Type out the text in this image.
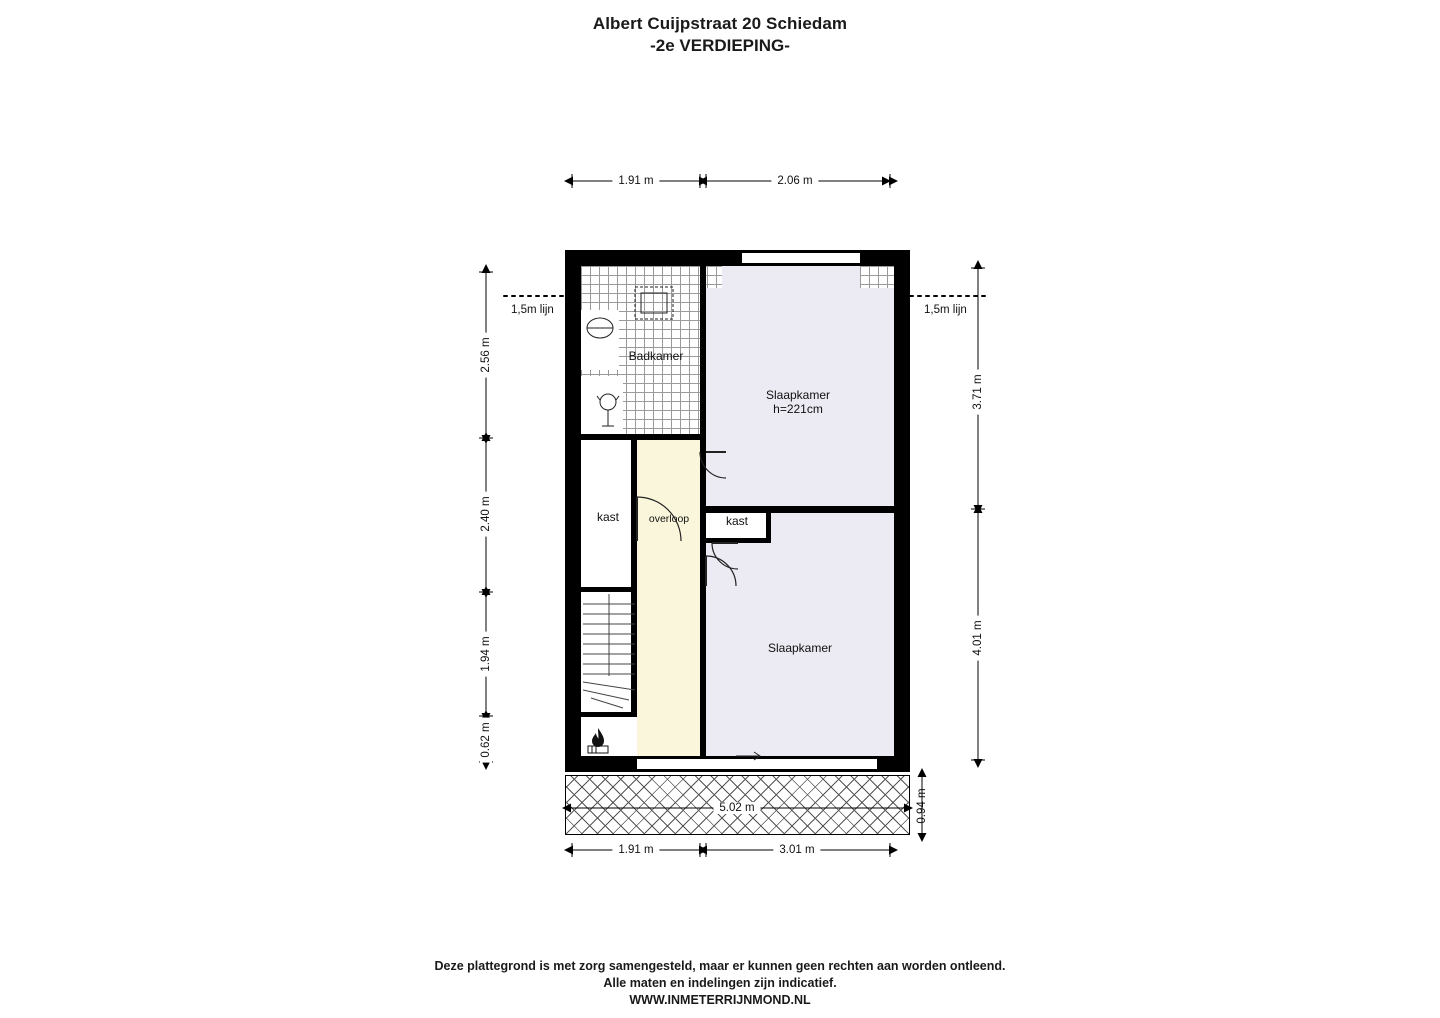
Albert Cuijpstraat 20 Schiedam
-2e VERDIEPING-
1,5m lijn	1,5m lijn
Badkamer
Slaapkamer
h=221cm
Slaapkamer
kast	kast
overloop
1.91 m	2.06 m
1.91 m	3.01 m
5.02 m	0.94 m
2.56 m
2.40 m
1.94 m
0.62 m
3.71 m
4.01 m
Deze plattegrond is met zorg samengesteld, maar er kunnen geen rechten aan worden ontleend.
Alle maten en indelingen zijn indicatief.
WWW.INMETERRIJNMOND.NL
